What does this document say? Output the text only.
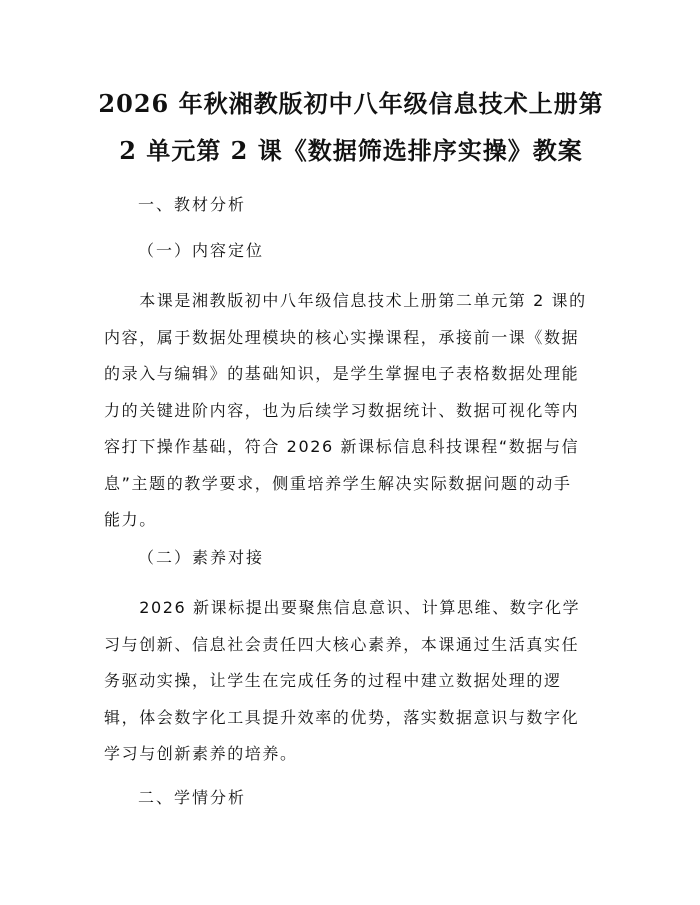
2026 年秋湘教版初中八年级信息技术上册第
2 单元第 2 课《数据筛选排序实操》教案
一、教材分析
（一）内容定位
　　本课是湘教版初中八年级信息技术上册第二单元第 2 课的
内容，属于数据处理模块的核心实操课程，承接前一课《数据
的录入与编辑》的基础知识，是学生掌握电子表格数据处理能
力的关键进阶内容，也为后续学习数据统计、数据可视化等内
容打下操作基础，符合 2026 新课标信息科技课程“数据与信
息”主题的教学要求，侧重培养学生解决实际数据问题的动手
能力。
（二）素养对接
　　2026 新课标提出要聚焦信息意识、计算思维、数字化学
习与创新、信息社会责任四大核心素养，本课通过生活真实任
务驱动实操，让学生在完成任务的过程中建立数据处理的逻
辑，体会数字化工具提升效率的优势，落实数据意识与数字化
学习与创新素养的培养。
二、学情分析
